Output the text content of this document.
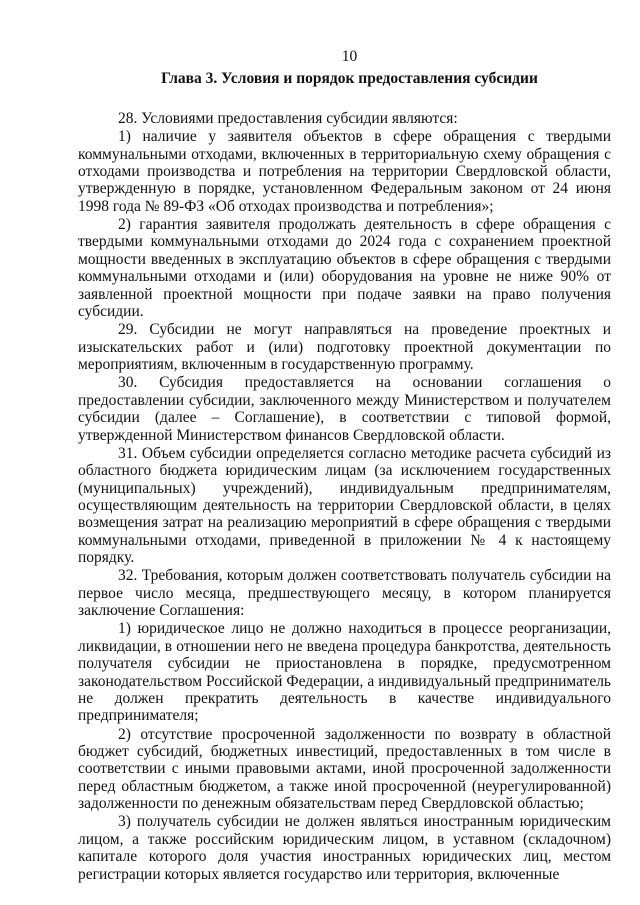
10
Глава 3. Условия и порядок предоставления субсидии

28. Условиями предоставления субсидии являются:

1) наличие у заявителя объектов в сфере обращения с твердыми коммунальными отходами, включенных в территориальную схему обращения с отходами производства и потребления на территории Свердловской области, утвержденную в порядке, установленном Федеральным законом от 24 июня 1998 года № 89-ФЗ «Об отходах производства и потребления»;

2) гарантия заявителя продолжать деятельность в сфере обращения с твердыми коммунальными отходами до 2024 года с сохранением проектной мощности введенных в эксплуатацию объектов в сфере обращения с твердыми коммунальными отходами и (или) оборудования на уровне не ниже 90% от заявленной проектной мощности при подаче заявки на право получения субсидии.

29. Субсидии не могут направляться на проведение проектных и изыскательских работ и (или) подготовку проектной документации по мероприятиям, включенным в государственную программу.

30. Субсидия предоставляется на основании соглашения о предоставлении субсидии, заключенного между Министерством и получателем субсидии (далее – Соглашение), в соответствии с типовой формой, утвержденной Министерством финансов Свердловской области.

31. Объем субсидии определяется согласно методике расчета субсидий из областного бюджета юридическим лицам (за исключением государственных (муниципальных) учреждений), индивидуальным предпринимателям, осуществляющим деятельность на территории Свердловской области, в целях возмещения затрат на реализацию мероприятий в сфере обращения с твердыми коммунальными отходами, приведенной в приложении № 4 к настоящему порядку.

32. Требования, которым должен соответствовать получатель субсидии на первое число месяца, предшествующего месяцу, в котором планируется заключение Соглашения:

1) юридическое лицо не должно находиться в процессе реорганизации, ликвидации, в отношении него не введена процедура банкротства, деятельность получателя субсидии не приостановлена в порядке, предусмотренном законодательством Российской Федерации, а индивидуальный предприниматель не должен прекратить деятельность в качестве индивидуального предпринимателя;

2) отсутствие просроченной задолженности по возврату в областной бюджет субсидий, бюджетных инвестиций, предоставленных в том числе в соответствии с иными правовыми актами, иной просроченной задолженности перед областным бюджетом, а также иной просроченной (неурегулированной) задолженности по денежным обязательствам перед Свердловской областью;

3) получатель субсидии не должен являться иностранным юридическим лицом, а также российским юридическим лицом, в уставном (складочном) капитале которого доля участия иностранных юридических лиц, местом регистрации которых является государство или территория, включенные
